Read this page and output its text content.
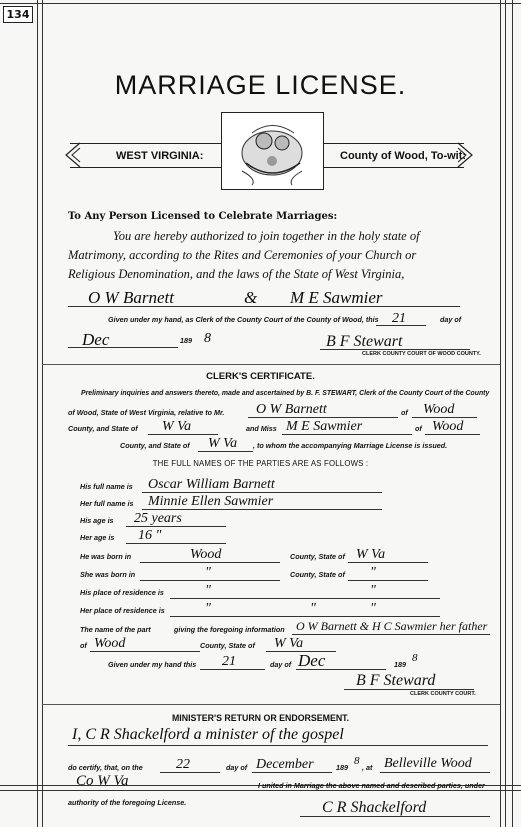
134
MARRIAGE LICENSE.
WEST VIRGINIA:	County of Wood, To-wit:
To Any Person Licensed to Celebrate Marriages:
You are hereby authorized to join together in the holy state of
Matrimony, according to the Rites and Ceremonies of your Church or
Religious Denomination, and the laws of the State of West Virginia,
O W Barnett	& M E Sawmier
Given under my hand, as Clerk of the County Court of the County of Wood, this 21	day of
Dec	189 8	B F Stewart
CLERK COUNTY COURT OF WOOD COUNTY.
CLERK'S CERTIFICATE.
Preliminary inquiries and answers thereto, made and ascertained by B. F. STEWART, Clerk of the County Court of the County
of Wood, State of West Virginia, relative to Mr. O W Barnett	of Wood
County, and State of W Va	and Miss M E Sawmier	of Wood
County, and State of W Va , to whom the accompanying Marriage License is issued.
THE FULL NAMES OF THE PARTIES ARE AS FOLLOWS :
His full name is Oscar William Barnett
Her full name is Minnie Ellen Sawmier
His age is 25 years
Her age is 16 "
He was born in	Wood	County, State of W Va
She was born in	"	County, State of "
His place of residence is	"	"
Her place of residence is	"	"	"
The name of the part	giving the foregoing information O W Barnett & H C Sawmier her father
of Wood	County, State of W Va
Given under my hand this 21	day of Dec	189
8
B F Steward
CLERK COUNTY COURT.
MINISTER'S RETURN OR ENDORSEMENT.
I, C R Shackelford a minister of the gospel
do certify, that, on the 22	day of December	189
8
, at Belleville Wood
Co W Va	I united in Marriage the above named and described parties, under
authority of the foregoing License.	C R Shackelford
